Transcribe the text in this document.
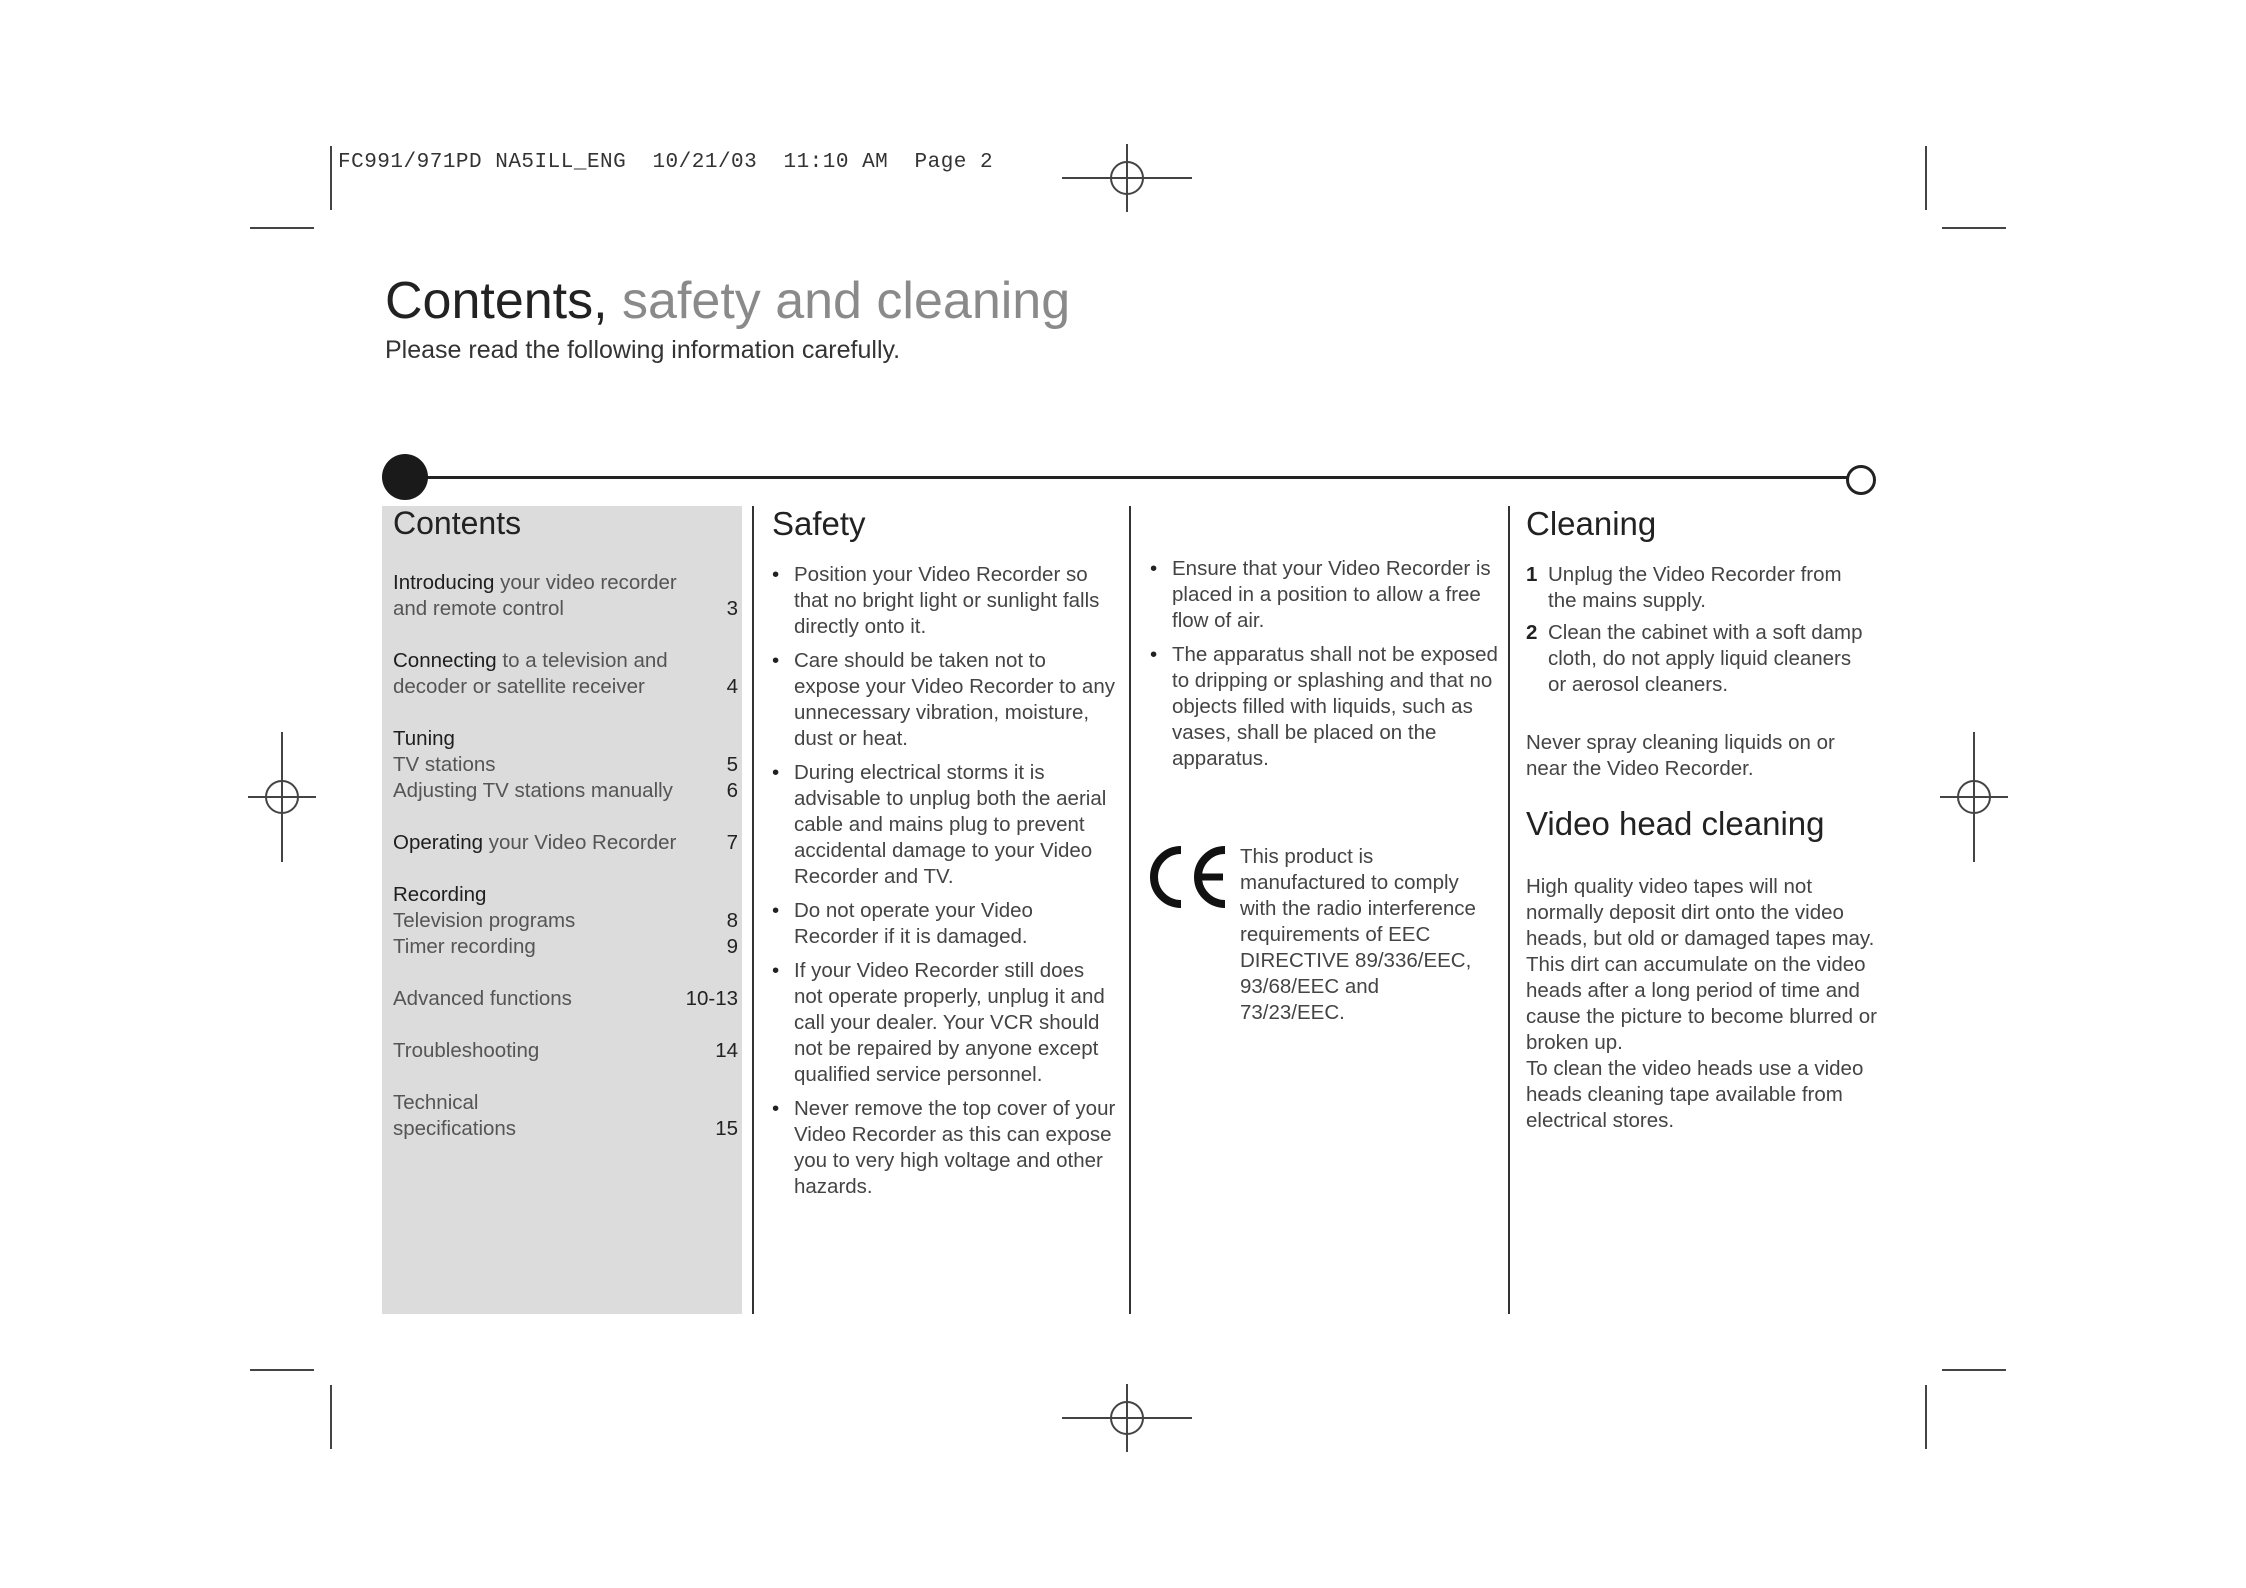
FC991/971PD NA5ILL_ENG  10/21/03  11:10 AM  Page 2
Contents, safety and cleaning
Please read the following information carefully.
Contents
Introducing your video recorder and remote control	3
Connecting to a television and decoder or satellite receiver	4
Tuning
TV stations	5
Adjusting TV stations manually	6
Operating your Video Recorder	7
Recording
Television programs	8
Timer recording	9
Advanced functions	10-13
Troubleshooting	14
Technical specifications	15
Safety
• Position your Video Recorder so that no bright light or sunlight falls directly onto it.
• Care should be taken not to expose your Video Recorder to any unnecessary vibration, moisture, dust or heat.
• During electrical storms it is advisable to unplug both the aerial cable and mains plug to prevent accidental damage to your Video Recorder and TV.
• Do not operate your Video Recorder if it is damaged.
• If your Video Recorder still does not operate properly, unplug it and call your dealer. Your VCR should not be repaired by anyone except qualified service personnel.
• Never remove the top cover of your Video Recorder as this can expose you to very high voltage and other hazards.
• Ensure that your Video Recorder is placed in a position to allow a free flow of air.
• The apparatus shall not be exposed to dripping or splashing and that no objects filled with liquids, such as vases, shall be placed on the apparatus.

This product is manufactured to comply with the radio interference requirements of EEC DIRECTIVE 89/336/EEC, 93/68/EEC and 73/23/EEC.

Cleaning
1 Unplug the Video Recorder from the mains supply.
2 Clean the cabinet with a soft damp cloth, do not apply liquid cleaners or aerosol cleaners.

Never spray cleaning liquids on or near the Video Recorder.

Video head cleaning

High quality video tapes will not normally deposit dirt onto the video heads, but old or damaged tapes may. This dirt can accumulate on the video heads after a long period of time and cause the picture to become blurred or broken up.

To clean the video heads use a video heads cleaning tape available from electrical stores.
